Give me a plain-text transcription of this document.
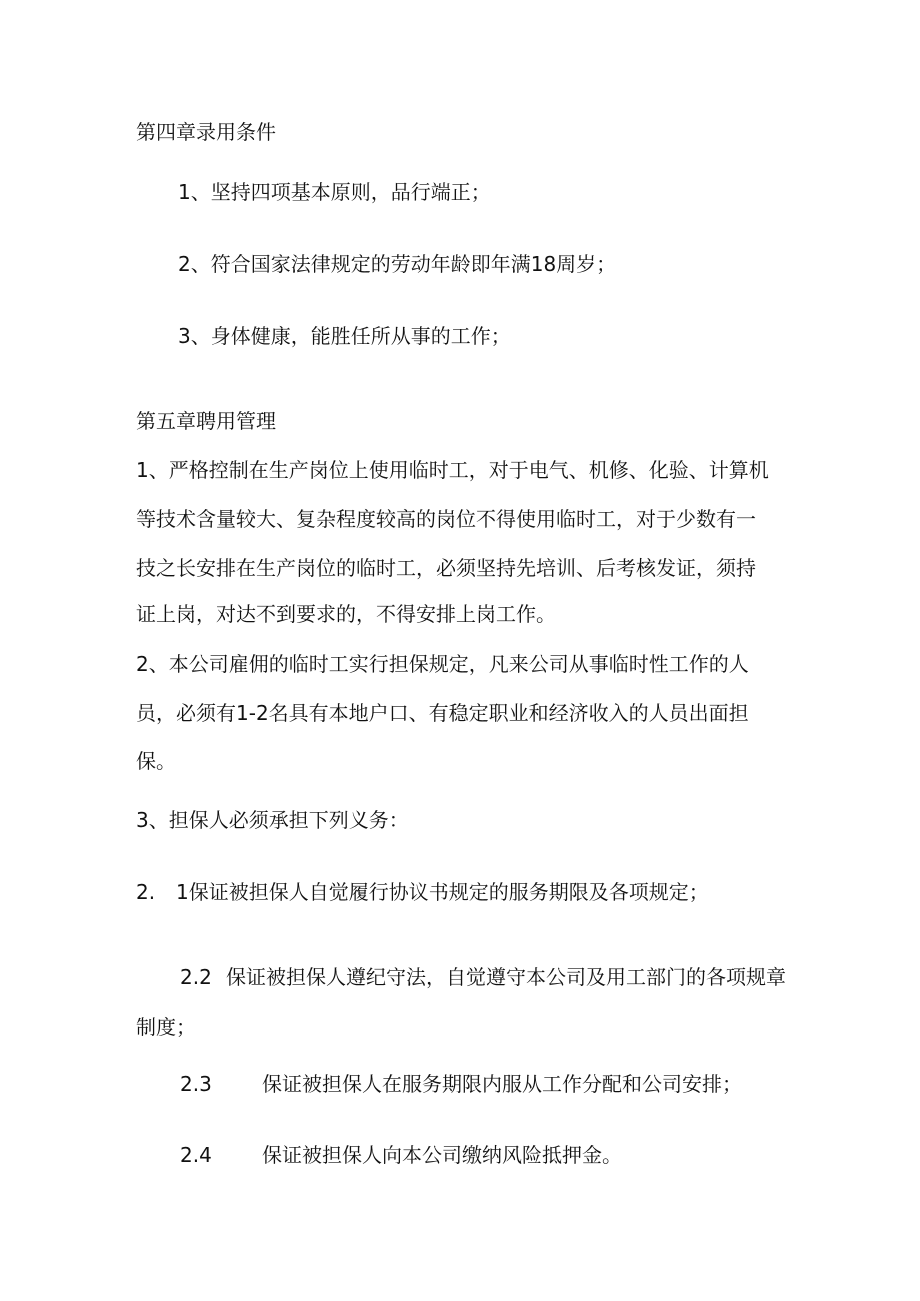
第四章录用条件

1、坚持四项基本原则，品行端正；

2、符合国家法律规定的劳动年龄即年满18周岁；

3、身体健康，能胜任所从事的工作；

第五章聘用管理

1、严格控制在生产岗位上使用临时工，对于电气、机修、化验、计算机

等技术含量较大、复杂程度较高的岗位不得使用临时工，对于少数有一

技之长安排在生产岗位的临时工，必须坚持先培训、后考核发证，须持

证上岗，对达不到要求的，不得安排上岗工作。

2、本公司雇佣的临时工实行担保规定，凡来公司从事临时性工作的人

员，必须有1-2名具有本地户口、有稳定职业和经济收入的人员出面担

保。

3、担保人必须承担下列义务：

2. 1保证被担保人自觉履行协议书规定的服务期限及各项规定；

2.2 保证被担保人遵纪守法，自觉遵守本公司及用工部门的各项规章

制度；

2.3	保证被担保人在服务期限内服从工作分配和公司安排；

2.4	保证被担保人向本公司缴纳风险抵押金。
